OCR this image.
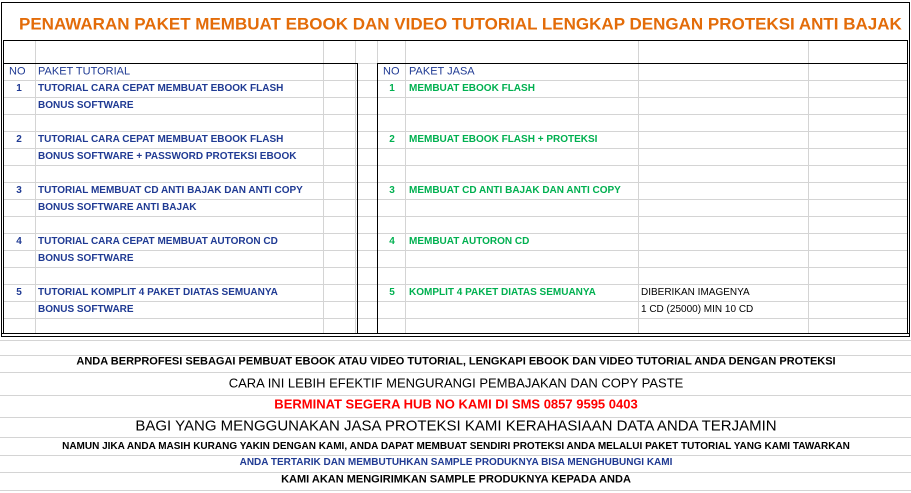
PENAWARAN PAKET MEMBUAT EBOOK DAN VIDEO TUTORIAL LENGKAP DENGAN PROTEKSI ANTI BAJAK
NO PAKET TUTORIAL	NO PAKET JASA
1 TUTORIAL CARA CEPAT MEMBUAT EBOOK FLASH
BONUS SOFTWARE
2 TUTORIAL CARA CEPAT MEMBUAT EBOOK FLASH
BONUS SOFTWARE + PASSWORD PROTEKSI EBOOK
3 TUTORIAL MEMBUAT CD ANTI BAJAK DAN ANTI COPY
BONUS SOFTWARE ANTI BAJAK
4 TUTORIAL CARA CEPAT MEMBUAT AUTORON CD
BONUS SOFTWARE
5 TUTORIAL KOMPLIT 4 PAKET DIATAS SEMUANYA
BONUS SOFTWARE
1 MEMBUAT EBOOK FLASH
2 MEMBUAT EBOOK FLASH + PROTEKSI
3 MEMBUAT CD ANTI BAJAK DAN ANTI COPY
4 MEMBUAT AUTORON CD
5 KOMPLIT 4 PAKET DIATAS SEMUANYA	DIBERIKAN IMAGENYA
1 CD (25000) MIN 10 CD
ANDA BERPROFESI SEBAGAI PEMBUAT EBOOK ATAU VIDEO TUTORIAL, LENGKAPI EBOOK DAN VIDEO TUTORIAL ANDA DENGAN PROTEKSI
CARA INI LEBIH EFEKTIF MENGURANGI PEMBAJAKAN DAN COPY PASTE
BERMINAT SEGERA HUB NO KAMI DI SMS 0857 9595 0403
BAGI YANG MENGGUNAKAN JASA PROTEKSI KAMI KERAHASIAAN DATA ANDA TERJAMIN
NAMUN JIKA ANDA MASIH KURANG YAKIN DENGAN KAMI, ANDA DAPAT MEMBUAT SENDIRI PROTEKSI ANDA MELALUI PAKET TUTORIAL YANG KAMI TAWARKAN
ANDA TERTARIK DAN MEMBUTUHKAN SAMPLE PRODUKNYA BISA MENGHUBUNGI KAMI
KAMI AKAN MENGIRIMKAN SAMPLE PRODUKNYA KEPADA ANDA
